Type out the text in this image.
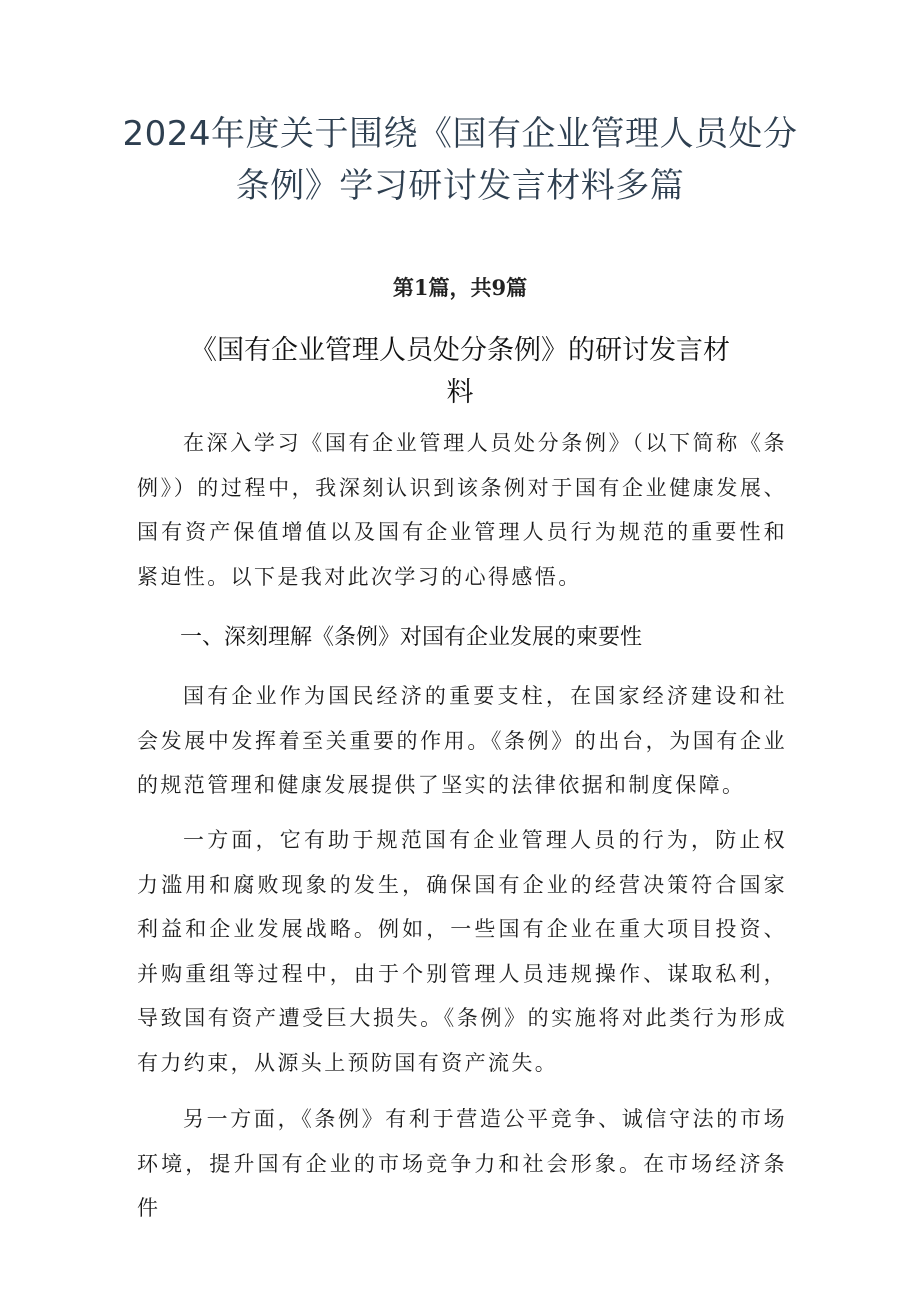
2024年度关于围绕《国有企业管理人员处分条例》学习研讨发言材料多篇
第1篇，共9篇
《国有企业管理人员处分条例》的研讨发言材料

在深入学习《国有企业管理人员处分条例》（以下简称《条例》）的过程中，我深刻认识到该条例对于国有企业健康发展、国有资产保值增值以及国有企业管理人员行为规范的重要性和紧迫性。以下是我对此次学习的心得感悟。

一、深刻理解《条例》对国有企业发展的柬要性

国有企业作为国民经济的重要支柱，在国家经济建设和社会发展中发挥着至关重要的作用。《条例》的出台，为国有企业的规范管理和健康发展提供了坚实的法律依据和制度保障。

一方面，它有助于规范国有企业管理人员的行为，防止权力滥用和腐败现象的发生，确保国有企业的经营决策符合国家利益和企业发展战略。例如，一些国有企业在重大项目投资、并购重组等过程中，由于个别管理人员违规操作、谋取私利，导致国有资产遭受巨大损失。《条例》的实施将对此类行为形成有力约束，从源头上预防国有资产流失。

另一方面，《条例》有利于营造公平竞争、诚信守法的市场环境，提升国有企业的市场竞争力和社会形象。在市场经济条件
